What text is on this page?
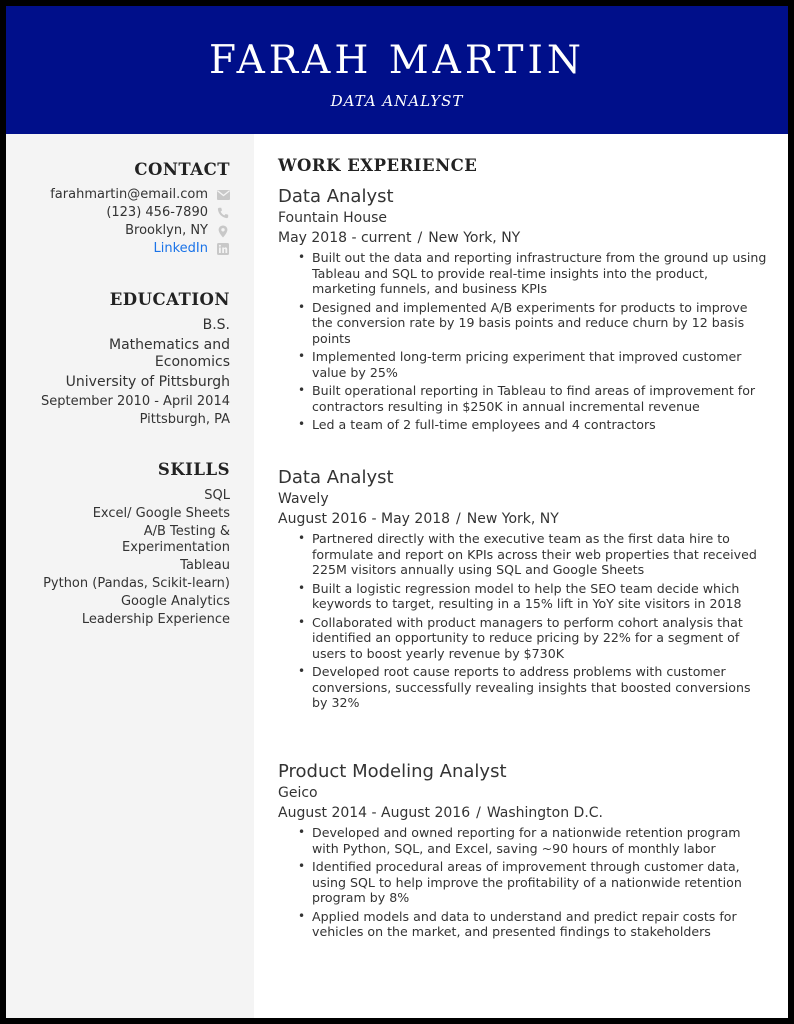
FARAH MARTIN
DATA ANALYST
CONTACT
farahmartin@email.com
(123) 456-7890
Brooklyn, NY
LinkedIn
EDUCATION
B.S.
Mathematics and
Economics
University of Pittsburgh
September 2010 - April 2014
Pittsburgh, PA
SKILLS
SQL
Excel/ Google Sheets
A/B Testing &
Experimentation
Tableau
Python (Pandas, Scikit-learn)
Google Analytics
Leadership Experience
WORK EXPERIENCE
Data Analyst
Fountain House
May 2018 - current / New York, NY
• Built out the data and reporting infrastructure from the ground up using Tableau and SQL to provide real-time insights into the product, marketing funnels, and business KPIs
• Designed and implemented A/B experiments for products to improve the conversion rate by 19 basis points and reduce churn by 12 basis points
• Implemented long-term pricing experiment that improved customer value by 25%
• Built operational reporting in Tableau to find areas of improvement for contractors resulting in $250K in annual incremental revenue
• Led a team of 2 full-time employees and 4 contractors
Data Analyst
Wavely
August 2016 - May 2018 / New York, NY
• Partnered directly with the executive team as the first data hire to formulate and report on KPIs across their web properties that received 225M visitors annually using SQL and Google Sheets
• Built a logistic regression model to help the SEO team decide which keywords to target, resulting in a 15% lift in YoY site visitors in 2018
• Collaborated with product managers to perform cohort analysis that identified an opportunity to reduce pricing by 22% for a segment of users to boost yearly revenue by $730K
• Developed root cause reports to address problems with customer conversions, successfully revealing insights that boosted conversions by 32%
Product Modeling Analyst
Geico
August 2014 - August 2016 / Washington D.C.
• Developed and owned reporting for a nationwide retention program with Python, SQL, and Excel, saving ~90 hours of monthly labor
• Identified procedural areas of improvement through customer data, using SQL to help improve the profitability of a nationwide retention program by 8%
• Applied models and data to understand and predict repair costs for vehicles on the market, and presented findings to stakeholders
